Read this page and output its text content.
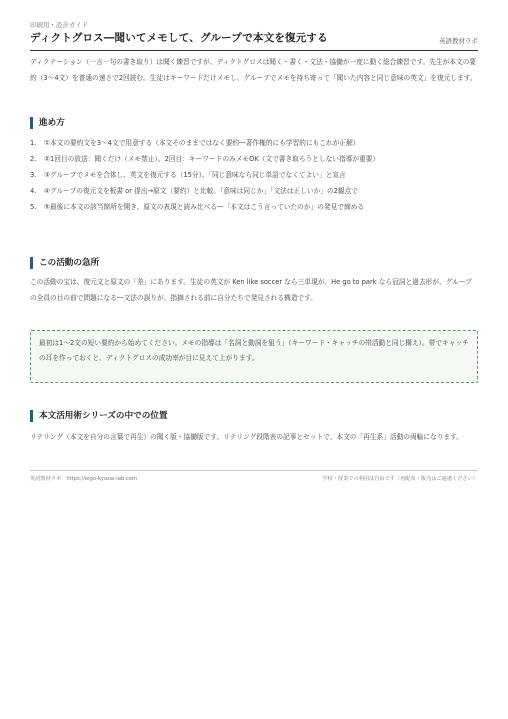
印刷用・設計ガイド
ディクトグロス―聞いてメモして、グループで本文を復元する	英語教材ラボ
ディクテーション（一言一句の書き取り）は聞く練習ですが、ディクトグロスは聞く・書く・文法・協働が一度に動く総合練習です。先生が本文の要約（3〜4文）を普通の速さで2回読む。生徒はキーワードだけメモし、グループでメモを持ち寄って「聞いた内容と同じ意味の英文」を復元します。
進め方
1. ①本文の要約文を3〜4文で用意する（本文そのままではなく要約―著作権的にも学習的にもこれが正解）
2. ②1回目の放送：聞くだけ（メモ禁止）。2回目：キーワードのみメモOK（文で書き取ろうとしない指導が重要）
3. ③グループでメモを合体し、英文を復元する（15分）。「同じ意味なら同じ単語でなくてよい」と宣言
4. ④グループの復元文を板書 or 提出→原文（要約）と比較。「意味は同じか」「文法は正しいか」の2観点で
5. ⑤最後に本文の該当箇所を開き、原文の表現と読み比べる―「本文はこう言っていたのか」の発見で締める
この活動の急所
この活動の宝は、復元文と原文の「差」にあります。生徒の英文が Ken like soccer なら三単現が、He go to park なら冠詞と過去形が、グループの全員の目の前で問題になる―文法の誤りが、指摘される前に自分たちで発見される構造です。
最初は1〜2文の短い要約から始めてください。メモの指導は「名詞と動詞を狙う」（キーワード・キャッチの帯活動と同じ構え）。帯でキャッチの耳を作っておくと、ディクトグロスの成功率が目に見えて上がります。
本文活用術シリーズの中での位置
リテリング（本文を自分の言葉で再生）の聞く版・協働版です。リテリング段階表の記事とセットで、本文の「再生系」活動の両輪になります。
英語教材ラボ　https://eigo-kyozai-lab.com	学校・授業での利用は自由です（再配布・販売はご遠慮ください）
